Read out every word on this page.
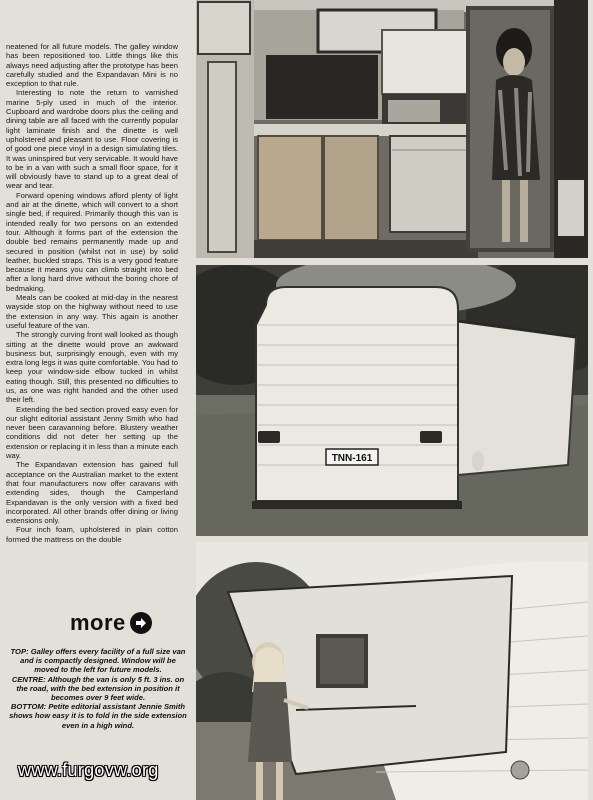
neatened for all future models. The galley window has been repositioned too. Little things like this always need adjusting after the prototype has been carefully studied and the Expandavan Mini is no exception to that rule.

Interesting to note the return to varnished marine 5-ply used in much of the interior. Cupboard and wardrobe doors plus the ceiling and dining table are all faced with the currently popular light laminate finish and the dinette is well upholstered and pleasant to use. Floor covering is of good one piece vinyl in a design simulating tiles. It was uninspired but very servicable. It would have to be in a van with such a small floor space, for it will obviously have to stand up to a great deal of wear and tear.

Forward opening windows afford plenty of light and air at the dinette, which will convert to a short single bed, if required. Primarily though this van is intended really for two persons on an extended tour. Although it forms part of the extension the double bed remains permanently made up and secured in position (whilst not in use) by solid leather, buckled straps. This is a very good feature because it means you can climb straight into bed after a long hard drive without the boring chore of bedmaking.

Meals can be cooked at mid-day in the nearest wayside stop on the highway without need to use the extension in any way. This again is another useful feature of the van.

The strongly curving front wall looked as though sitting at the dinette would prove an awkward business but, surprisingly enough, even with my extra long legs it was quite comfortable. You had to keep your window-side elbow tucked in whilst eating though. Still, this presented no difficulties to us, as one was right handed and the other used their left.

Extending the bed section proved easy even for our slight editorial assistant Jenny Smith who had never been caravanning before. Blustery weather conditions did not deter her setting up the extension or replacing it in less than a minute each way.

The Expandavan extension has gained full acceptance on the Australian market to the extent that four manufacturers now offer caravans with extending sides, though the Camperland Expandavan is the only version with a fixed bed incorporated. All other brands offer dining or living extensions only.

Four inch foam, upholstered in plain cotton formed the mattress on the double

more

TOP: Galley offers every facility of a full size van and is compactly designed. Window will be moved to the left for future models.

CENTRE: Although the van is only 5 ft. 3 ins. on the road, with the bed extension in position it becomes over 9 feet wide.

BOTTOM: Petite editorial assistant Jennie Smith shows how easy it is to fold in the side extension even in a high wind.

TNN-161
www.furgovw.org
